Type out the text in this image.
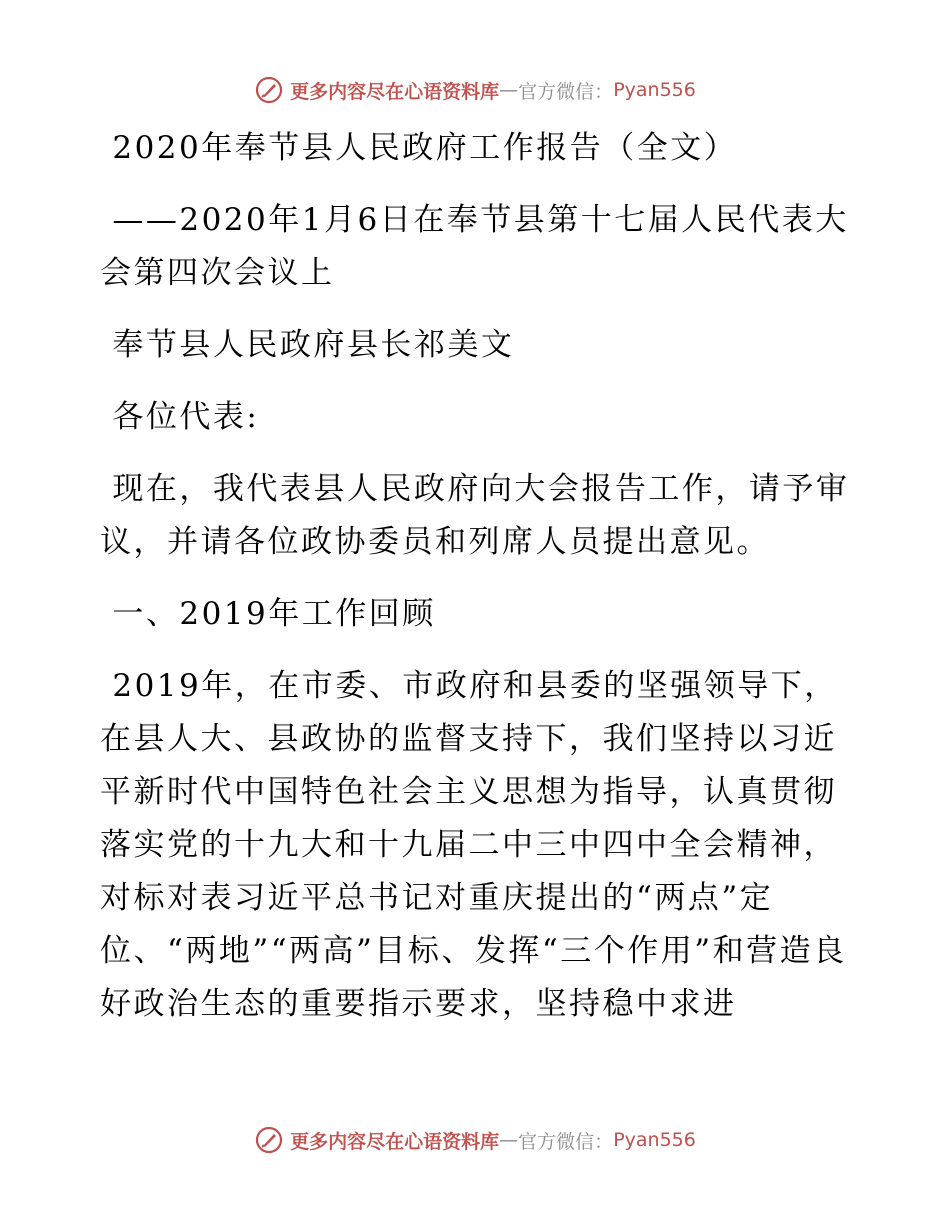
更多内容尽在心语资料库 — 官方微信： Pyan556

2020年奉节县人民政府工作报告（全文）

——2020年1月6日在奉节县第十七届人民代表大会第四次会议上

奉节县人民政府县长祁美文

各位代表:

现在，我代表县人民政府向大会报告工作，请予审议，并请各位政协委员和列席人员提出意见。

一、2019年工作回顾

2019年，在市委、市政府和县委的坚强领导下，在县人大、县政协的监督支持下，我们坚持以习近平新时代中国特色社会主义思想为指导，认真贯彻落实党的十九大和十九届二中三中四中全会精神，对标对表习近平总书记对重庆提出的“两点”定位、“两地”“两高”目标、发挥“三个作用”和营造良好政治生态的重要指示要求，坚持稳中求进

更多内容尽在心语资料库 — 官方微信： Pyan556
